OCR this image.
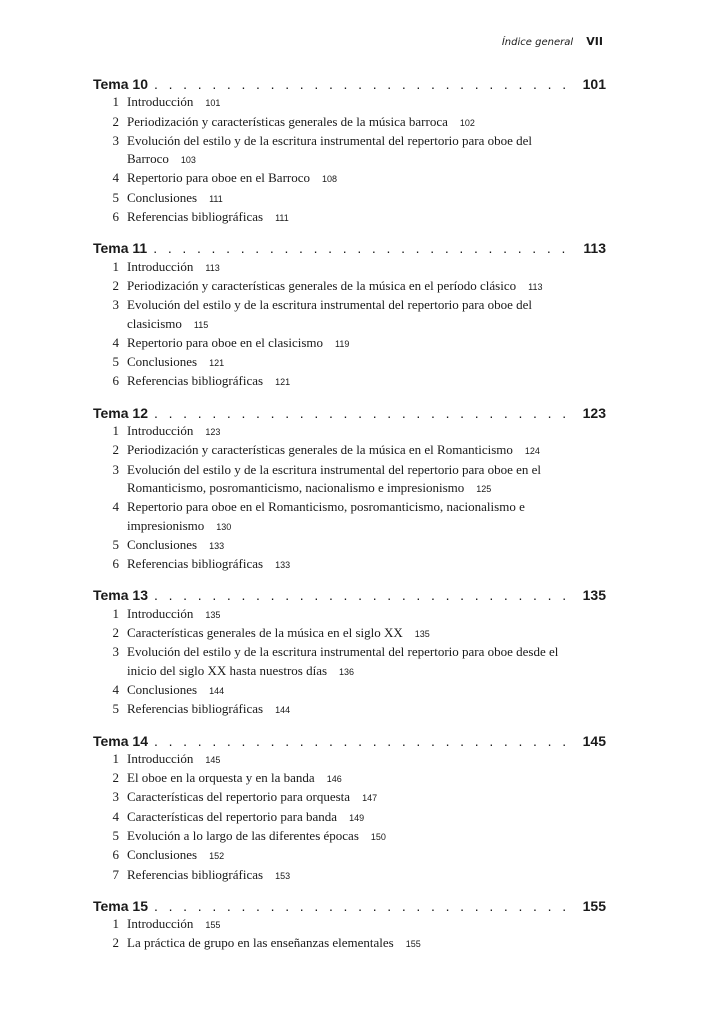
Índice general VII
Tema 10 . . .	101
1 Introducción 101
2 Periodización y características generales de la música barroca 102
3 Evolución del estilo y de la escritura instrumental del repertorio para oboe del Barroco 103
4 Repertorio para oboe en el Barroco 108
5 Conclusiones 111
6 Referencias bibliográficas 111
Tema 11 . . .	113
1 Introducción 113
2 Periodización y características generales de la música en el período clásico 113
3 Evolución del estilo y de la escritura instrumental del repertorio para oboe del clasicismo 115
4 Repertorio para oboe en el clasicismo 119
5 Conclusiones 121
6 Referencias bibliográficas 121
Tema 12 . . .	123
1 Introducción 123
2 Periodización y características generales de la música en el Romanticismo 124
3 Evolución del estilo y de la escritura instrumental del repertorio para oboe en el Romanticismo, posromanticismo, nacionalismo e impresionismo 125
4 Repertorio para oboe en el Romanticismo, posromanticismo, nacionalismo e impresionismo 130
5 Conclusiones 133
6 Referencias bibliográficas 133
Tema 13 . . .	135
1 Introducción 135
2 Características generales de la música en el siglo XX 135
3 Evolución del estilo y de la escritura instrumental del repertorio para oboe desde el inicio del siglo XX hasta nuestros días 136
4 Conclusiones 144
5 Referencias bibliográficas 144
Tema 14 . . .	145
1 Introducción 145
2 El oboe en la orquesta y en la banda 146
3 Características del repertorio para orquesta 147
4 Características del repertorio para banda 149
5 Evolución a lo largo de las diferentes épocas 150
6 Conclusiones 152
7 Referencias bibliográficas 153
Tema 15 . . .	155
1 Introducción 155
2 La práctica de grupo en las enseñanzas elementales 155
